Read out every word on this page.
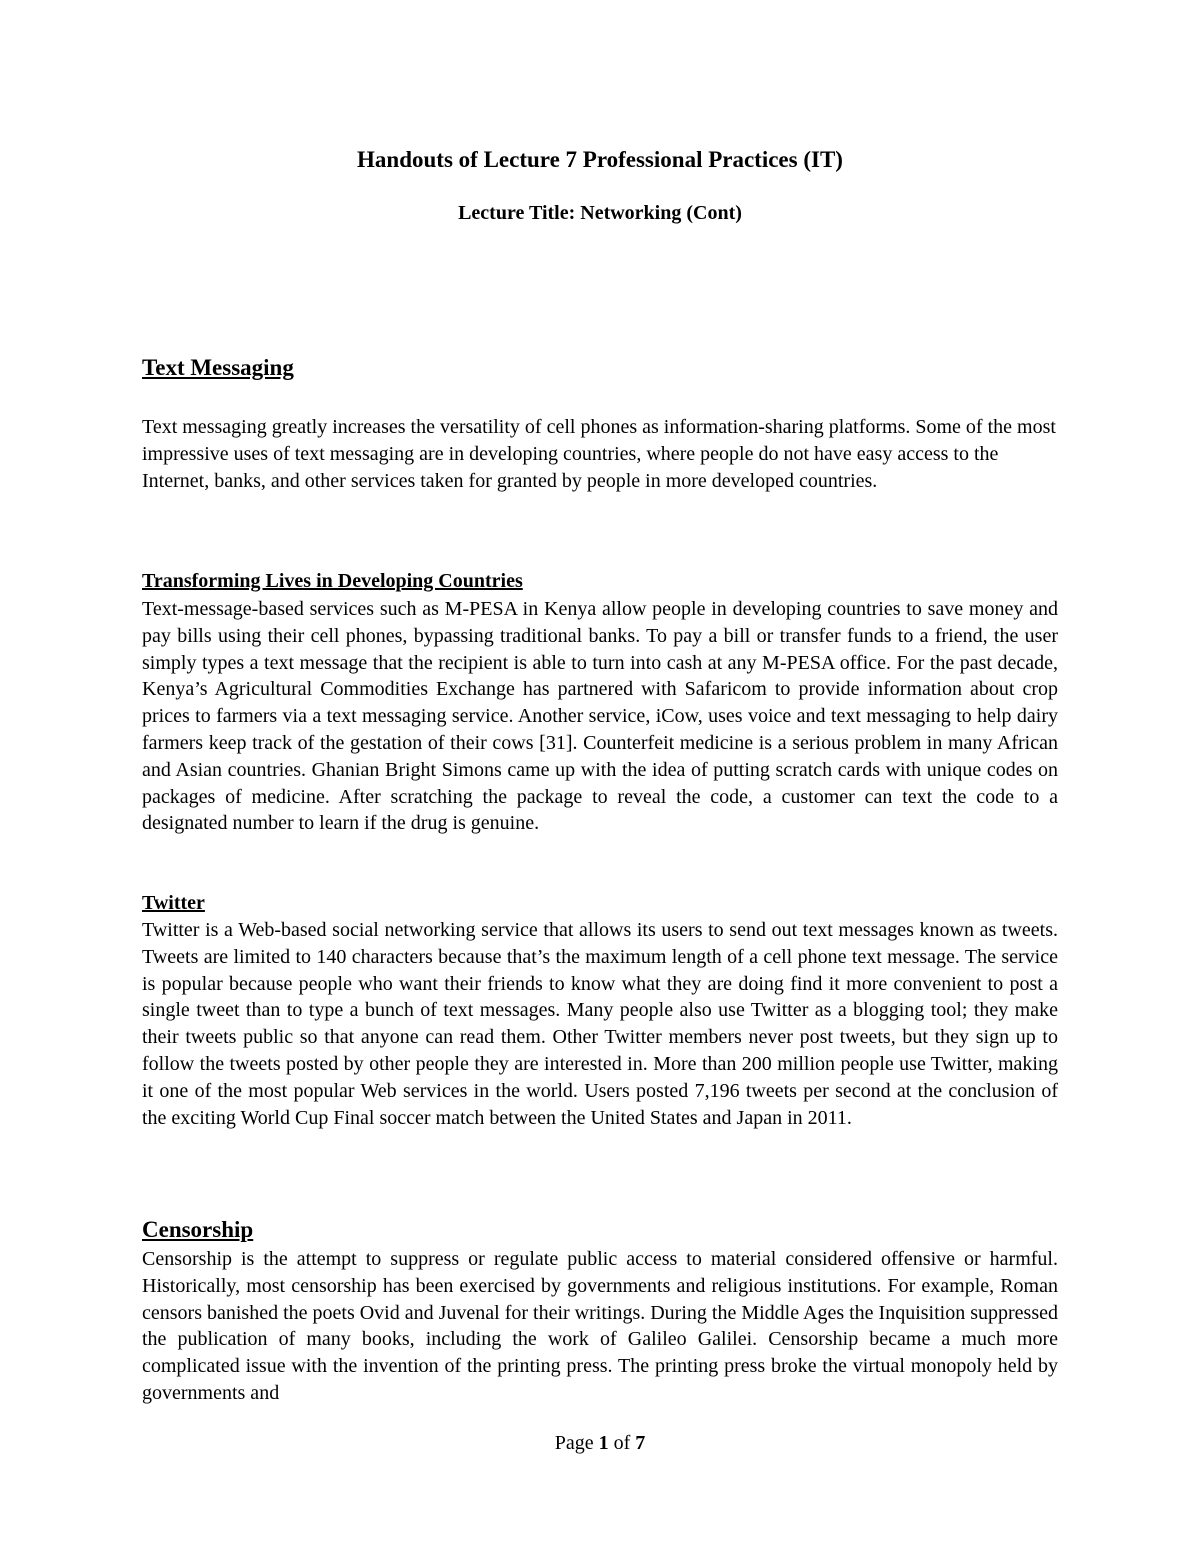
Handouts of Lecture 7 Professional Practices (IT)
Lecture Title: Networking (Cont)
Text Messaging

Text messaging greatly increases the versatility of cell phones as information-sharing platforms. Some of the most impressive uses of text messaging are in developing countries, where people do not have easy access to the Internet, banks, and other services taken for granted by people in more developed countries.

Transforming Lives in Developing Countries

Text-message-based services such as M-PESA in Kenya allow people in developing countries to save money and pay bills using their cell phones, bypassing traditional banks. To pay a bill or transfer funds to a friend, the user simply types a text message that the recipient is able to turn into cash at any M-PESA office. For the past decade, Kenya’s Agricultural Commodities Exchange has partnered with Safaricom to provide information about crop prices to farmers via a text messaging service. Another service, iCow, uses voice and text messaging to help dairy farmers keep track of the gestation of their cows [31]. Counterfeit medicine is a serious problem in many African and Asian countries. Ghanian Bright Simons came up with the idea of putting scratch cards with unique codes on packages of medicine. After scratching the package to reveal the code, a customer can text the code to a designated number to learn if the drug is genuine.

Twitter

Twitter is a Web-based social networking service that allows its users to send out text messages known as tweets. Tweets are limited to 140 characters because that’s the maximum length of a cell phone text message. The service is popular because people who want their friends to know what they are doing find it more convenient to post a single tweet than to type a bunch of text messages. Many people also use Twitter as a blogging tool; they make their tweets public so that anyone can read them. Other Twitter members never post tweets, but they sign up to follow the tweets posted by other people they are interested in. More than 200 million people use Twitter, making it one of the most popular Web services in the world. Users posted 7,196 tweets per second at the conclusion of the exciting World Cup Final soccer match between the United States and Japan in 2011.

Censorship

Censorship is the attempt to suppress or regulate public access to material considered offensive or harmful. Historically, most censorship has been exercised by governments and religious institutions. For example, Roman censors banished the poets Ovid and Juvenal for their writings. During the Middle Ages the Inquisition suppressed the publication of many books, including the work of Galileo Galilei. Censorship became a much more complicated issue with the invention of the printing press. The printing press broke the virtual monopoly held by governments and

Page 1 of 7
